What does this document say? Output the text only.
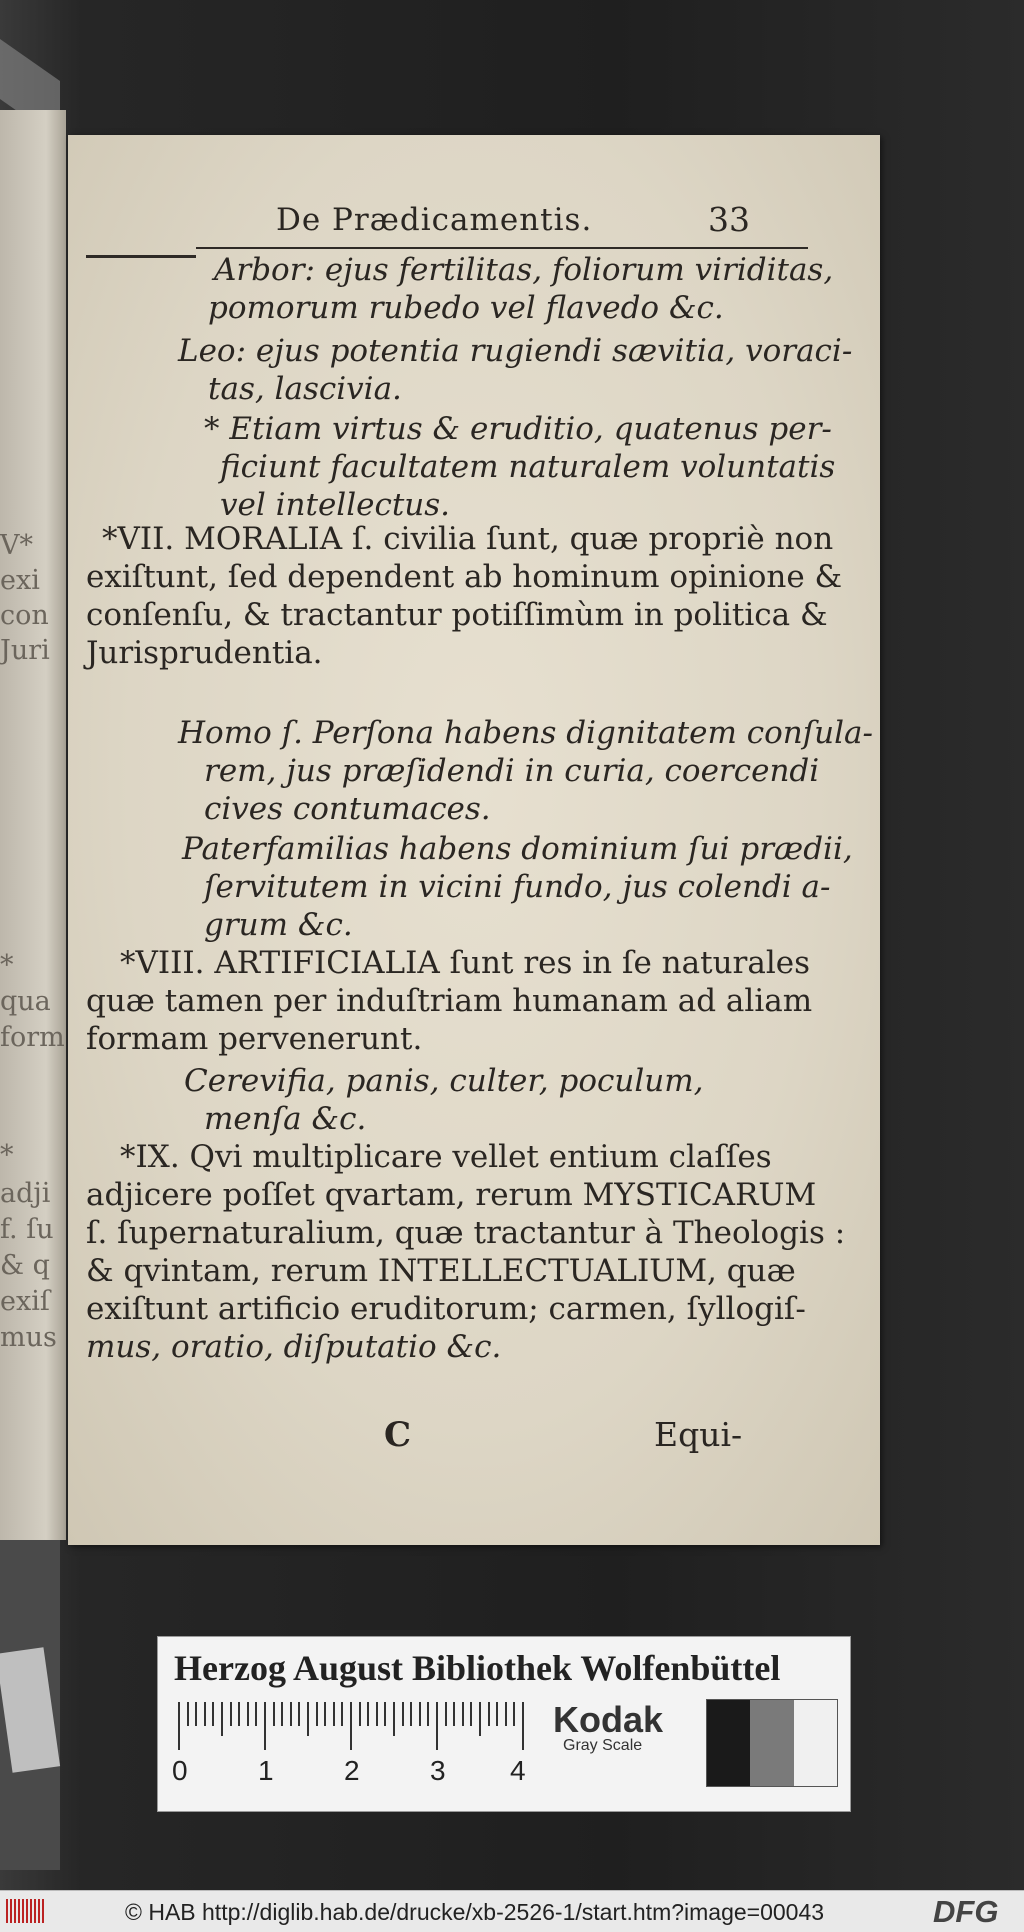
V*
exi
con
Juri
*
qua
form
*
adji
f. ſu
& q
exiſ
mus
De Prædicamentis.	33
Arbor: ejus fertilitas, foliorum viriditas,
pomorum rubedo vel flavedo &c.
Leo: ejus potentia rugiendi sævitia, voraci-
tas, lascivia.
* Etiam virtus & eruditio, quatenus per-
ficiunt facultatem naturalem voluntatis
vel intellectus.
*VII. MORALIA ſ. civilia ſunt, quæ propriè non
exiſtunt, ſed dependent ab hominum opinione &
conſenſu, & tractantur potiſſimùm in politica &
Jurisprudentia.
Homo ſ. Perſona habens dignitatem conſula-
rem, jus præſidendi in curia, coercendi
cives contumaces.
Paterfamilias habens dominium ſui prædii,
ſervitutem in vicini fundo, jus colendi a-
grum &c.
*VIII. ARTIFICIALIA ſunt res in ſe naturales
quæ tamen per induſtriam humanam ad aliam
formam pervenerunt.
Cerevifia, panis, culter, poculum,
menſa &c.
*IX. Qvi multiplicare vellet entium claſſes
adjicere poſſet qvartam, rerum MYSTICARUM
ſ. ſupernaturalium, quæ tractantur à Theologis :
& qvintam, rerum INTELLECTUALIUM, quæ
exiſtunt artificio eruditorum; carmen, ſyllogiſ-
mus, oratio, diſputatio &c.
C	Equi-
Herzog August Bibliothek Wolfenbüttel
0	1	2	3 4
Kodak
Gray Scale
© HAB http://diglib.hab.de/drucke/xb-2526-1/start.htm?image=00043	DFG
